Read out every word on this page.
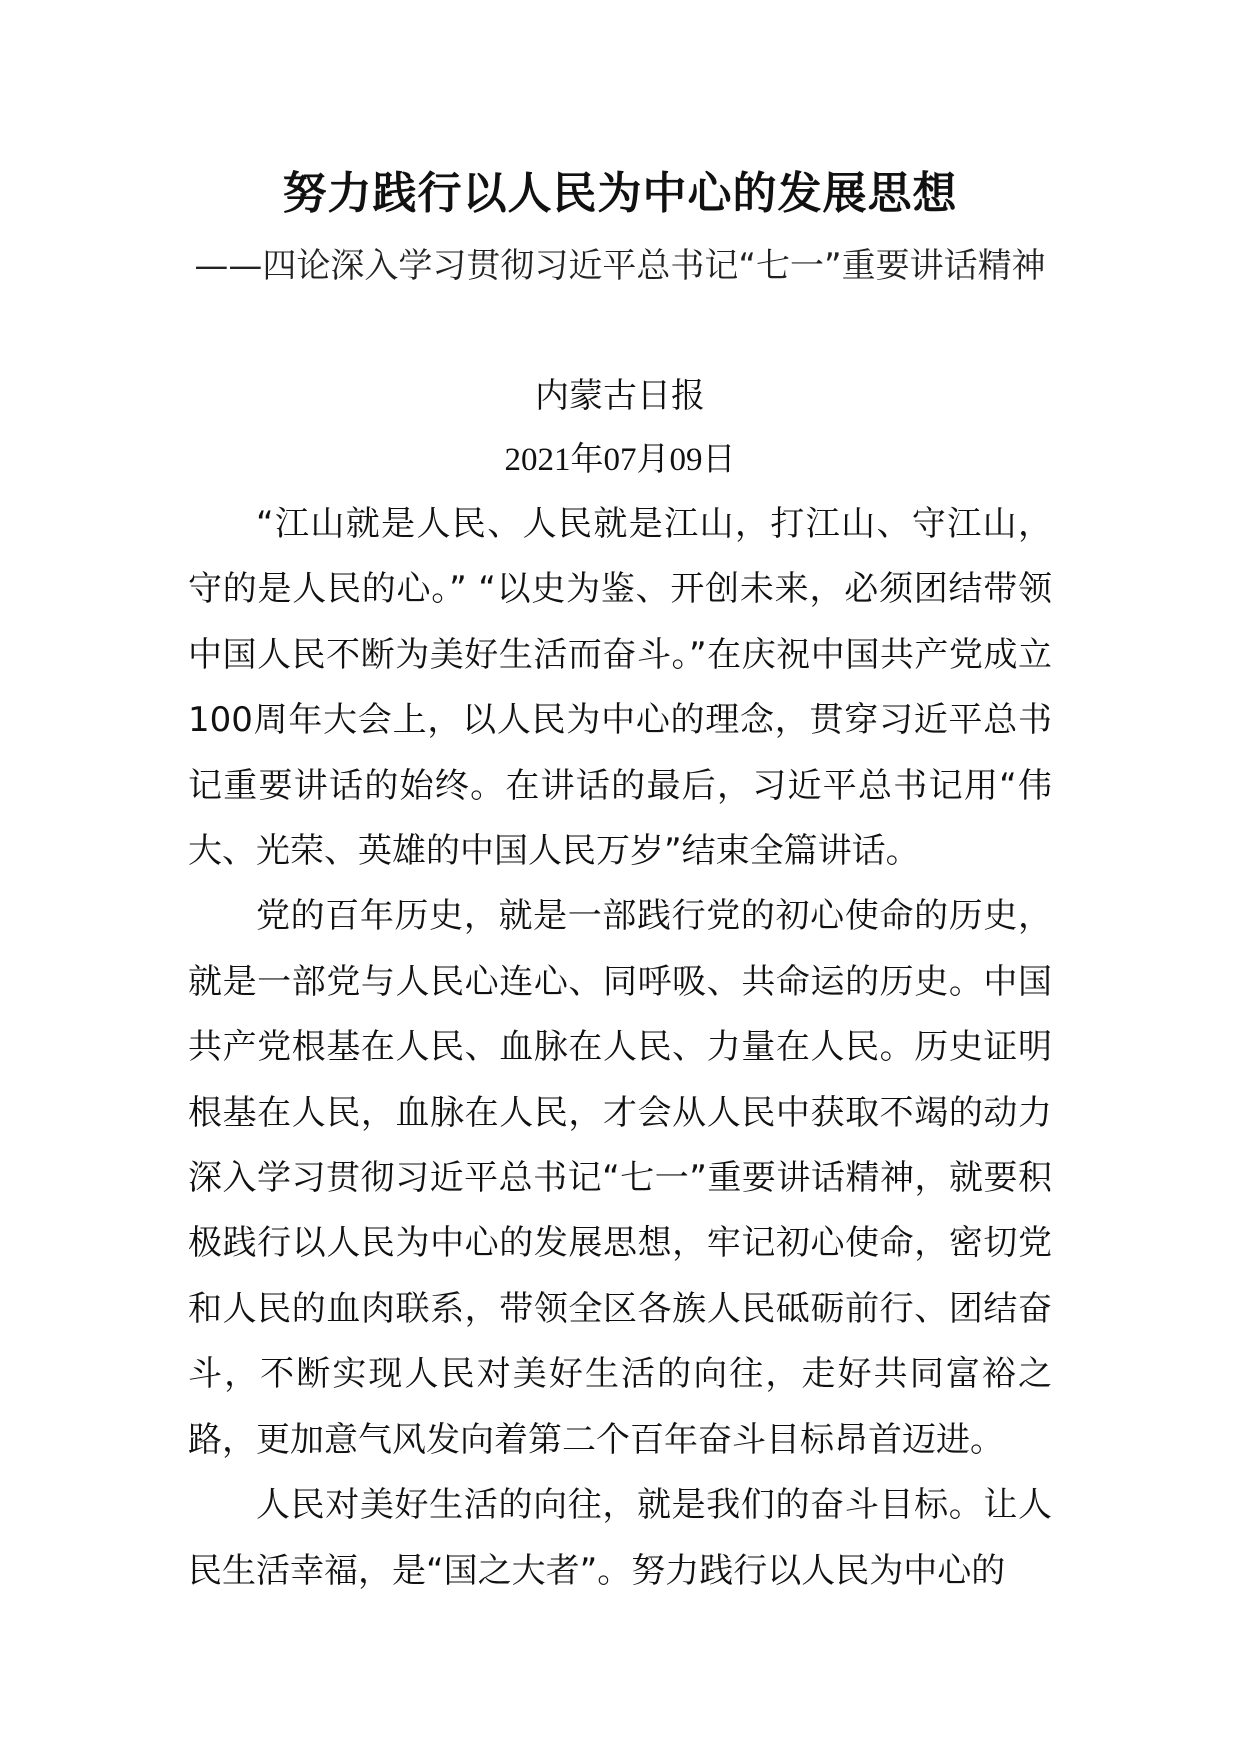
努力践行以人民为中心的发展思想

——四论深入学习贯彻习近平总书记“七一”重要讲话精神

内蒙古日报

2021年07月09日

“江山就是人民、人民就是江山，打江山、守江山，守的是人民的心。” “以史为鉴、开创未来，必须团结带领中国人民不断为美好生活而奋斗。”在庆祝中国共产党成立100周年大会上，以人民为中心的理念，贯穿习近平总书记重要讲话的始终。在讲话的最后，习近平总书记用“伟大、光荣、英雄的中国人民万岁”结束全篇讲话。

党的百年历史，就是一部践行党的初心使命的历史，就是一部党与人民心连心、同呼吸、共命运的历史。中国共产党根基在人民、血脉在人民、力量在人民。历史证明根基在人民，血脉在人民，才会从人民中获取不竭的动力深入学习贯彻习近平总书记“七一”重要讲话精神，就要积极践行以人民为中心的发展思想，牢记初心使命，密切党和人民的血肉联系，带领全区各族人民砥砺前行、团结奋斗，不断实现人民对美好生活的向往，走好共同富裕之路，更加意气风发向着第二个百年奋斗目标昂首迈进。

人民对美好生活的向往，就是我们的奋斗目标。让人民生活幸福，是“国之大者”。努力践行以人民为中心的
